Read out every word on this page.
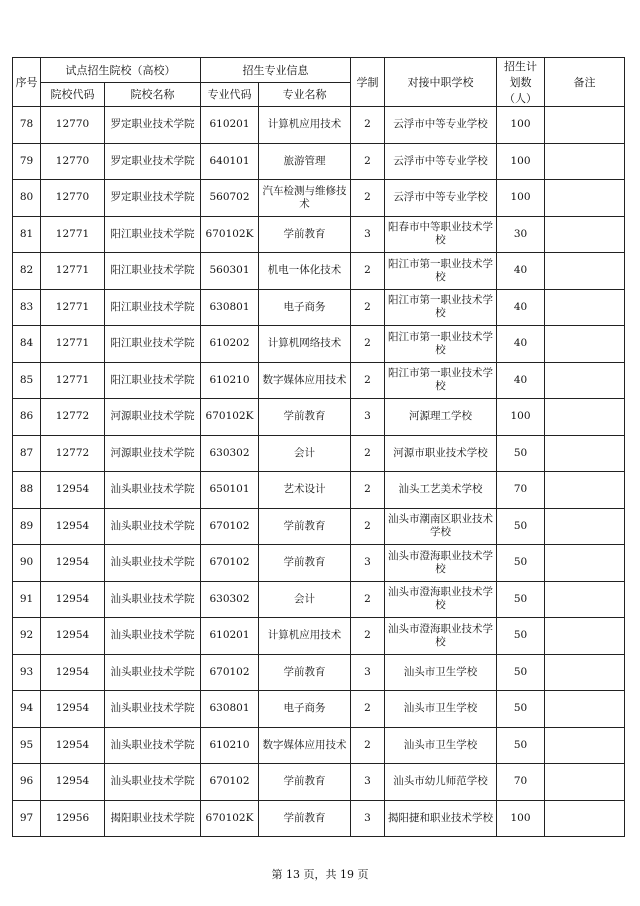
序号	试点招生院校（高校）		招生专业信息		学制	对接中职学校	招生计划数（人）	备注
	院校代码	院校名称	专业代码	专业名称				
78	12770	罗定职业技术学院	610201	计算机应用技术	2	云浮市中等专业学校	100	
79	12770	罗定职业技术学院	640101	旅游管理	2	云浮市中等专业学校	100	
80	12770	罗定职业技术学院	560702	汽车检测与维修技术	2	云浮市中等专业学校	100	
81	12771	阳江职业技术学院	670102K	学前教育	3	阳春市中等职业技术学校	30	
82	12771	阳江职业技术学院	560301	机电一体化技术	2	阳江市第一职业技术学校	40	
83	12771	阳江职业技术学院	630801	电子商务	2	阳江市第一职业技术学校	40	
84	12771	阳江职业技术学院	610202	计算机网络技术	2	阳江市第一职业技术学校	40	
85	12771	阳江职业技术学院	610210	数字媒体应用技术	2	阳江市第一职业技术学校	40	
86	12772	河源职业技术学院	670102K	学前教育	3	河源理工学校	100	
87	12772	河源职业技术学院	630302	会计	2	河源市职业技术学校	50	
88	12954	汕头职业技术学院	650101	艺术设计	2	汕头工艺美术学校	70	
89	12954	汕头职业技术学院	670102	学前教育	2	汕头市潮南区职业技术学校	50	
90	12954	汕头职业技术学院	670102	学前教育	3	汕头市澄海职业技术学校	50	
91	12954	汕头职业技术学院	630302	会计	2	汕头市澄海职业技术学校	50	
92	12954	汕头职业技术学院	610201	计算机应用技术	2	汕头市澄海职业技术学校	50	
93	12954	汕头职业技术学院	670102	学前教育	3	汕头市卫生学校	50	
94	12954	汕头职业技术学院	630801	电子商务	2	汕头市卫生学校	50	
95	12954	汕头职业技术学院	610210	数字媒体应用技术	2	汕头市卫生学校	50	
96	12954	汕头职业技术学院	670102	学前教育	3	汕头市幼儿师范学校	70	
97	12956	揭阳职业技术学院	670102K	学前教育	3	揭阳捷和职业技术学校	100	
第 13 页，共 19 页
